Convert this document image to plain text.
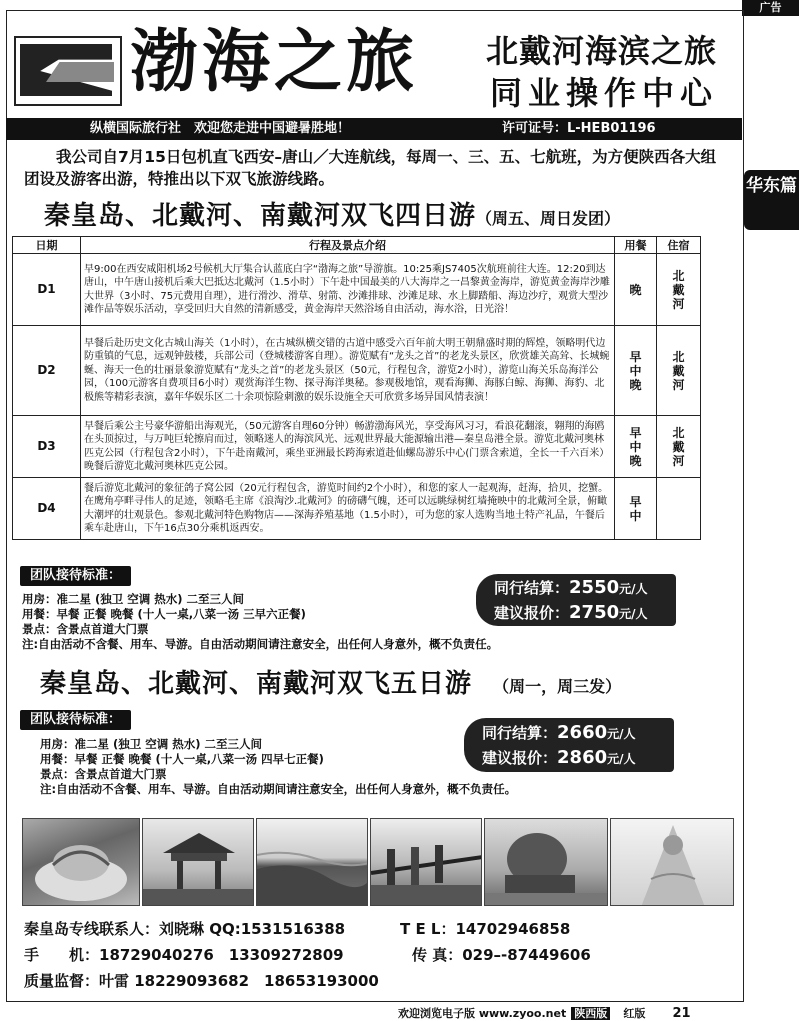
广告
渤海之旅 北戴河海滨之旅
同业操作中心
纵横国际旅行社　欢迎您走进中国避暑胜地！	许可证号：L-HEB01196
我公司自7月15日包机直飞西安–唐山／大连航线，每周一、三、五、七航班，为方便陕西各大组团设及游客出游，特推出以下双飞旅游线路。	华东篇
秦皇岛、北戴河、南戴河双飞四日游（周五、周日发团）
日期	行程及景点介绍	用餐	住宿
D1	早9:00在西安咸阳机场2号候机大厅集合认蓝底白字“渤海之旅”导游旗。10:25乘JS7405次航班前往大连。12:20到达唐山，中午唐山接机后乘大巴抵达北戴河（1.5小时）下午赴中国最美的八大海岸之一昌黎黄金海岸，游览黄金海岸沙雕大世界（3小时、75元费用自理），进行滑沙、滑草、射箭、沙滩排球、沙滩足球、水上脚踏船、海边沙疗，观赏大型沙滩作品等娱乐活动，享受回归大自然的清新感受，黄金海岸天然浴场自由活动，海水浴，日光浴！	晚	北戴河

D2	早餐后赴历史文化古城山海关（1小时），在古城纵横交错的古道中感受六百年前大明王朝鼎盛时期的辉煌，领略明代边防重镇的气息，远观钟鼓楼，兵部公司（登城楼游客自理）。游览赋有“龙头之首”的老龙头景区，欣赏雄关高耸、长城蜿蜒、海天一色的壮丽景象游览赋有“龙头之首”的老龙头景区（50元，行程包含，游览2小时），游览山海关乐岛海洋公园，（100元游客自费项目6小时）观赏海洋生物、探寻海洋奥秘。参观极地馆，观看海狮、海豚白鲸、海狮、海豹、北极熊等精彩表演，嘉年华娱乐区二十余项惊险刺激的娱乐设施全天可欣赏多场异国风情表演！	早中晚	北戴河

D3	早餐后乘公主号豪华游船出海观光，（50元游客自理60分钟）畅游渤海风光，享受海风习习，看浪花翻滚，翱翔的海鸥在头顶掠过，与万吨巨轮擦肩而过，领略迷人的海滨风光、远观世界最大能源输出港—秦皇岛港全景。游览北戴河奥林匹克公园（行程包含2小时），下午赴南戴河，乘坐亚洲最长跨海索道赴仙螺岛游乐中心(门票含索道，全长一千六百米）晚餐后游览北戴河奥林匹克公园。	早中晚	北戴河

D4	餐后游览北戴河的象征鸽子窝公园（20元行程包含，游览时间约2个小时），和您的家人一起观海，赶海，拾贝，挖蟹。在鹰角亭畔寻伟人的足迹，领略毛主席《浪淘沙.北戴河》的磅礴气魄，还可以远眺绿树红墙掩映中的北戴河全景，俯瞰大潮坪的壮观景色。参观北戴河特色购物店——深海养殖基地（1.5小时），可为您的家人选购当地土特产礼品，午餐后乘车赴唐山，下午16点30分乘机返西安。	早中	

团队接待标准：
用房：准二星 (独卫 空调 热水) 二至三人间
用餐：早餐 正餐 晚餐 (十人一桌,八菜一汤 三早六正餐)
景点：含景点首道大门票
注:自由活动不含餐、用车、导游。自由活动期间请注意安全，出任何人身意外，概不负责任。
同行结算：2550元/人
建议报价：2750元/人
秦皇岛、北戴河、南戴河双飞五日游 （周一，周三发）
团队接待标准：
用房：准二星 (独卫 空调 热水) 二至三人间
用餐：早餐 正餐 晚餐 (十人一桌,八菜一汤 四早七正餐)
景点：含景点首道大门票
注:自由活动不含餐、用车、导游。自由活动期间请注意安全，出任何人身意外，概不负责任。
同行结算：2660元/人
建议报价：2860元/人
秦皇岛专线联系人：刘晓琳 QQ:1531516388	T E L：14702946858
手　　机：18729040276　13309272809	传 真：029–-87449606
质量监督：叶雷 18229093682　18653193000
欢迎浏览电子版 www.zyoo.net 陕西版 红版 21
